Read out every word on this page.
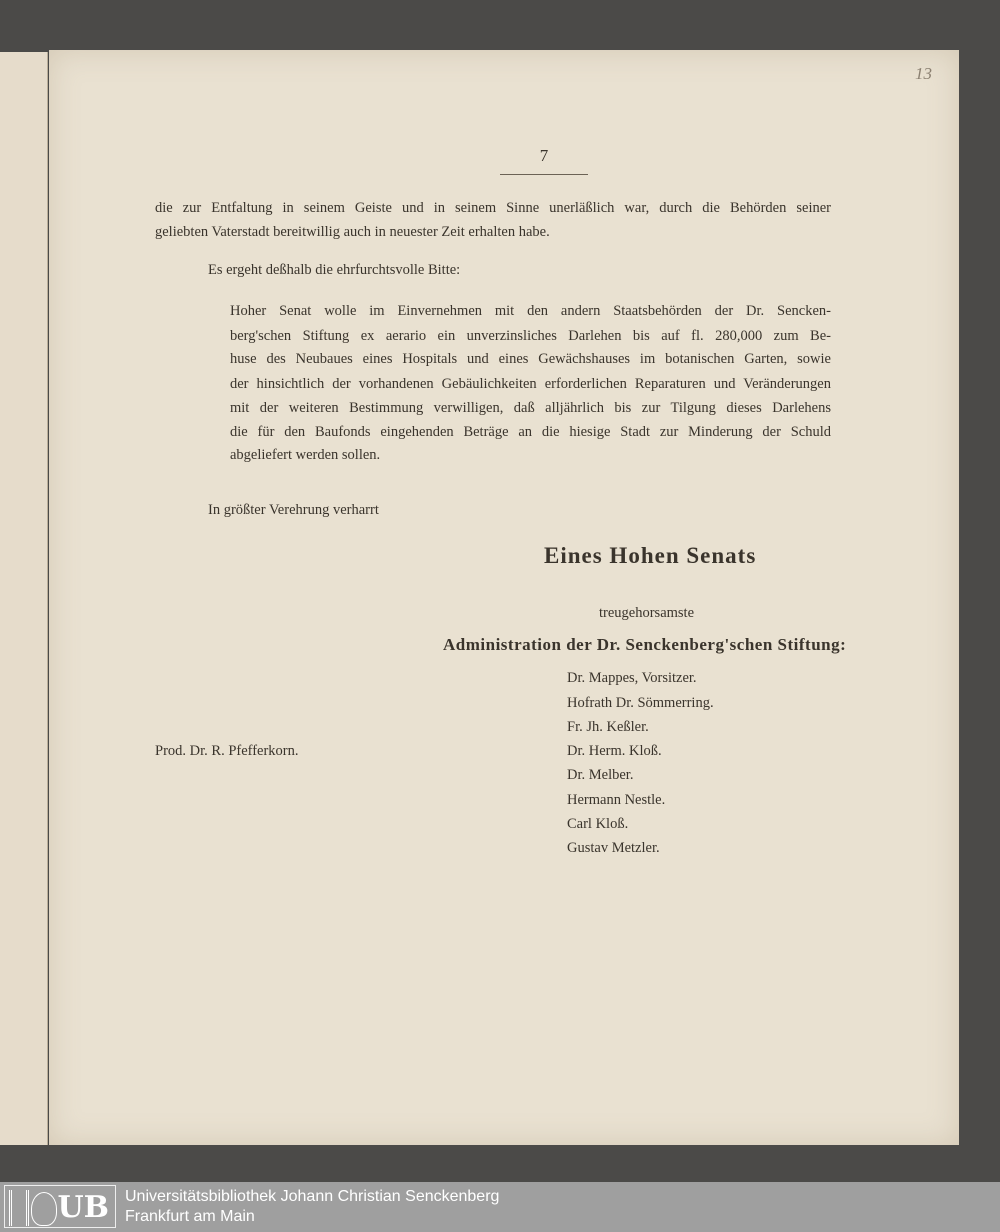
13
7
die zur Entfaltung in seinem Geiste und in seinem Sinne unerläßlich war, durch die Behörden seiner
geliebten Vaterstadt bereitwillig auch in neuester Zeit erhalten habe.
Es ergeht deßhalb die ehrfurchtsvolle Bitte:
Hoher Senat wolle im Einvernehmen mit den andern Staatsbehörden der Dr. Sencken-
berg'schen Stiftung ex aerario ein unverzinsliches Darlehen bis auf fl. 280,000 zum Be-
huse des Neubaues eines Hospitals und eines Gewächshauses im botanischen Garten, sowie
der hinsichtlich der vorhandenen Gebäulichkeiten erforderlichen Reparaturen und Veränderungen
mit der weiteren Bestimmung verwilligen, daß alljährlich bis zur Tilgung dieses Darlehens
die für den Baufonds eingehenden Beträge an die hiesige Stadt zur Minderung der Schuld
abgeliefert werden sollen.
In größter Verehrung verharrt
Eines Hohen Senats
treugehorsamste
Administration der Dr. Senckenberg'schen Stiftung:
Dr. Mappes, Vorsitzer.
Hofrath Dr. Sömmerring.
Fr. Jh. Keßler.
Dr. Herm. Kloß.
Dr. Melber.
Hermann Nestle.
Carl Kloß.
Gustav Metzler.
Prod. Dr. R. Pfefferkorn.
UB Universitätsbibliothek Johann Christian Senckenberg
Frankfurt am Main
